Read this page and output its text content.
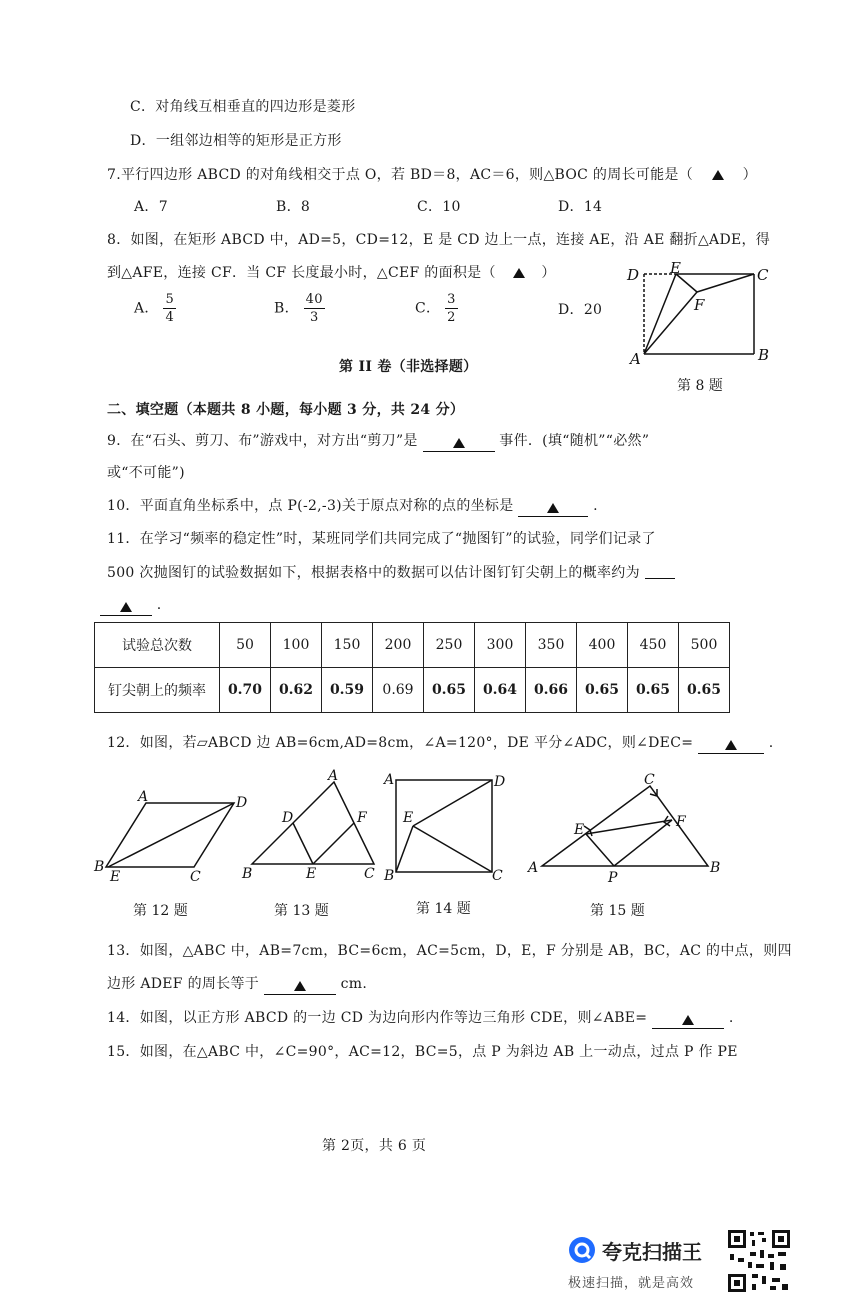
C．对角线互相垂直的四边形是菱形
D．一组邻边相等的矩形是正方形
7.平行四边形 ABCD 的对角线相交于点 O，若 BD＝8，AC＝6，则△BOC 的周长可能是（	）
A．7	B．8	C．10	D．14
8．如图，在矩形 ABCD 中，AD=5，CD=12，E 是 CD 边上一点，连接 AE，沿 AE 翻折△ADE，得
到△AFE，连接 CF．当 CF 长度最小时，△CEF 的面积是（	）
A． $\frac{5}{4}$	B． $\frac{40}{3}$	C． $\frac{3}{2}$	D．20
D E	C
F
A	B
第 8 题
第 II 卷（非选择题）
二、填空题（本题共 8 小题，每小题 3 分，共 24 分）
9．在“石头、剪刀、布”游戏中，对方出“剪刀”是	事件．(填“随机”“必然”
或“不可能”)
10．平面直角坐标系中，点 P(-2,-3)关于原点对称的点的坐标是	.
11．在学习“频率的稳定性”时，某班同学们共同完成了“抛图钉”的试验，同学们记录了
500 次抛图钉的试验数据如下，根据表格中的数据可以估计图钉钉尖朝上的概率约为
.
试验总次数	50	100	150	200	250	300	350	400	450	500
钉尖朝上的频率	0.70	0.62	0.59	0.69	0.65	0.64	0.66	0.65	0.65	0.65
12．如图，若▱ABCD 边 AB=6cm,AD=8cm，∠A=120°，DE 平分∠ADC，则∠DEC=	.
A	D
B
E	C
第 12 题
A
D	F
B	E	C
第 13 题
A	D
E
B	C
第 14 题
C
E	F
A
P
B
第 15 题
13．如图，△ABC 中，AB=7cm，BC=6cm，AC=5cm，D，E，F 分别是 AB，BC，AC 的中点，则四
边形 ADEF 的周长等于	cm.
14．如图，以正方形 ABCD 的一边 CD 为边向形内作等边三角形 CDE，则∠ABE=	.
15．如图，在△ABC 中，∠C=90°，AC=12，BC=5，点 P 为斜边 AB 上一动点，过点 P 作 PE
第 2页，共 6 页
夸克扫描王
极速扫描，就是高效
